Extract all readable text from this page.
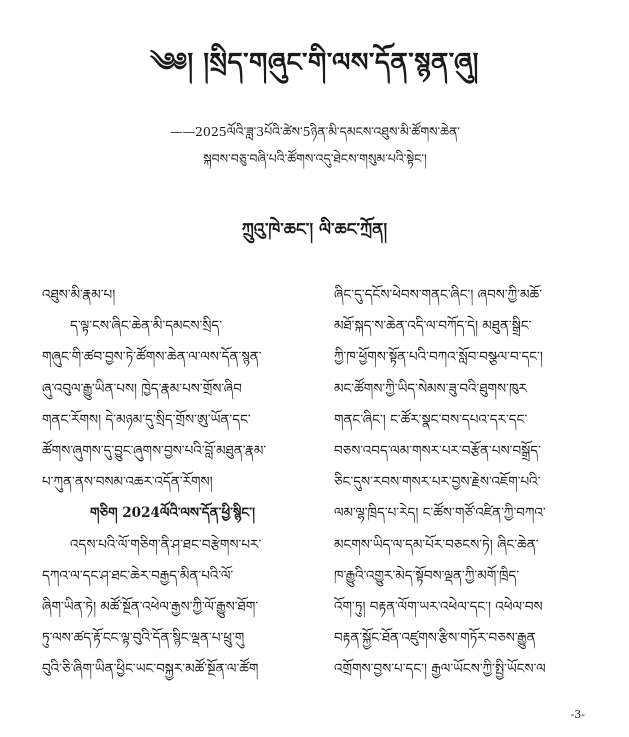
༄༅། །སྲིད་གཞུང་གི་ལས་དོན་སྙན་ཞུ།
——2025ལོའི་ཟླ་3པོའི་ཚེས་5ཉིན་མི་དམངས་འཐུས་མི་ཚོགས་ཆེན་
སྐབས་བཅུ་བཞི་པའི་ཚོགས་འདུ་ཐེངས་གསུམ་པའི་སྟེང་།
ཀྲུའུ་ཁེ་ཆང་། ལི་ཆང་ཀྲོན།
འཐུས་མི་རྣམ་པ།
ད་ལྟ་ངས་ཞིང་ཆེན་མི་དམངས་སྲིད་
གཞུང་གི་ཚབ་བྱས་ཏེ་ཚོགས་ཆེན་ལ་ལས་དོན་སྙན་
ཞུ་འབུལ་རྒྱུ་ཡིན་པས། ཁྱེད་རྣམ་པས་གྲོས་ཞིབ
གནང་རོགས། དེ་མཉམ་དུ་སྲིད་གྲོས་ཨུ་ཡོན་དང་
ཚོགས་ཞུགས་དུ་བྱུང་ཞུགས་བྱས་པའི་བློ་མཐུན་རྣམ་
པ་ཀུན་ནས་བསམ་འཆར་འདོན་རོགས།
གཅིག 2024ལོའི་ལས་དོན་ཕྱི་སྙིང་།
འདས་པའི་ལོ་གཅིག་ནི་ཤ་ཐང་བརྩེགས་པར་
དཀའ་ལ་དང་ཤ་ཐང་ཆེར་བརྒྱད་མིན་པའི་ལོ་
ཞིག་ཡིན་ཏེ། མཚོ་སྔོན་འཕེལ་རྒྱས་ཀྱི་ལོ་རྒྱུས་ཐོག་
ཏུ་ལས་ཚད་རྟོ་ངང་ལྟ་བུའི་དོན་སྙིང་ལྡན་པ་ཕྲུ་གུ
བུའི་ཅི་ཞིག་ཡིན་ཕྱིང་ཡང་བསྐྱར་མཚོ་སྔོན་ལ་ཚོག
ཞིང་དུ་དངོས་ཕེབས་གནང་ཞིང་། ཞབས་ཀྱི་མཆོ་
མཐོ་སྐད་ས་ཆེན་འདི་ལ་བཀོད་དེ། མཐུན་སྒྲིང་
ཀྱི་ཁ་ཕྱོགས་སྟོན་པའི་བཀའ་སློབ་བསྩལ་བ་དང་།
མང་ཚོགས་ཀྱི་ཡིད་སེམས་ཟུ་བའི་ཐུགས་ཁུར
གནང་ཞིང་། ང་ཚོར་སྣང་བས་དཔའ་དར་དང་
བཅས་འབད་ལམ་གསར་པར་བརྩོན་པས་བསྒྲོད་
ཅིང་དུས་རབས་གསར་པར་བྱས་རྗེས་འཇོག་པའི་
ལམ་ལྷ་ཁྲིད་པ་རེད། ང་ཚོས་གཙོ་འཛིན་ཀྱི་བཀའ་
མངགས་ཡིད་ལ་དམ་པོར་བཅངས་ཏེ། ཞིང་ཆེན་
ཁ་རྒྱུའི་འགྱུར་མེད་སྟོབས་ལྡན་ཀྱི་མགོ་ཁྲིད་
འོག་ཏུ། བརྟན་ལོག་ཡར་འཕེལ་དང་། འཕེལ་བས
བརྟན་སྐྱོང་ཐོན་འཛུགས་རྩིས་གཏོར་བཅས་རྒྱུན
འགྲོགས་བྱས་པ་དང་། རྒྱལ་ཡོངས་ཀྱི་སྤྱི་ཡོངས་ལ
-3-
